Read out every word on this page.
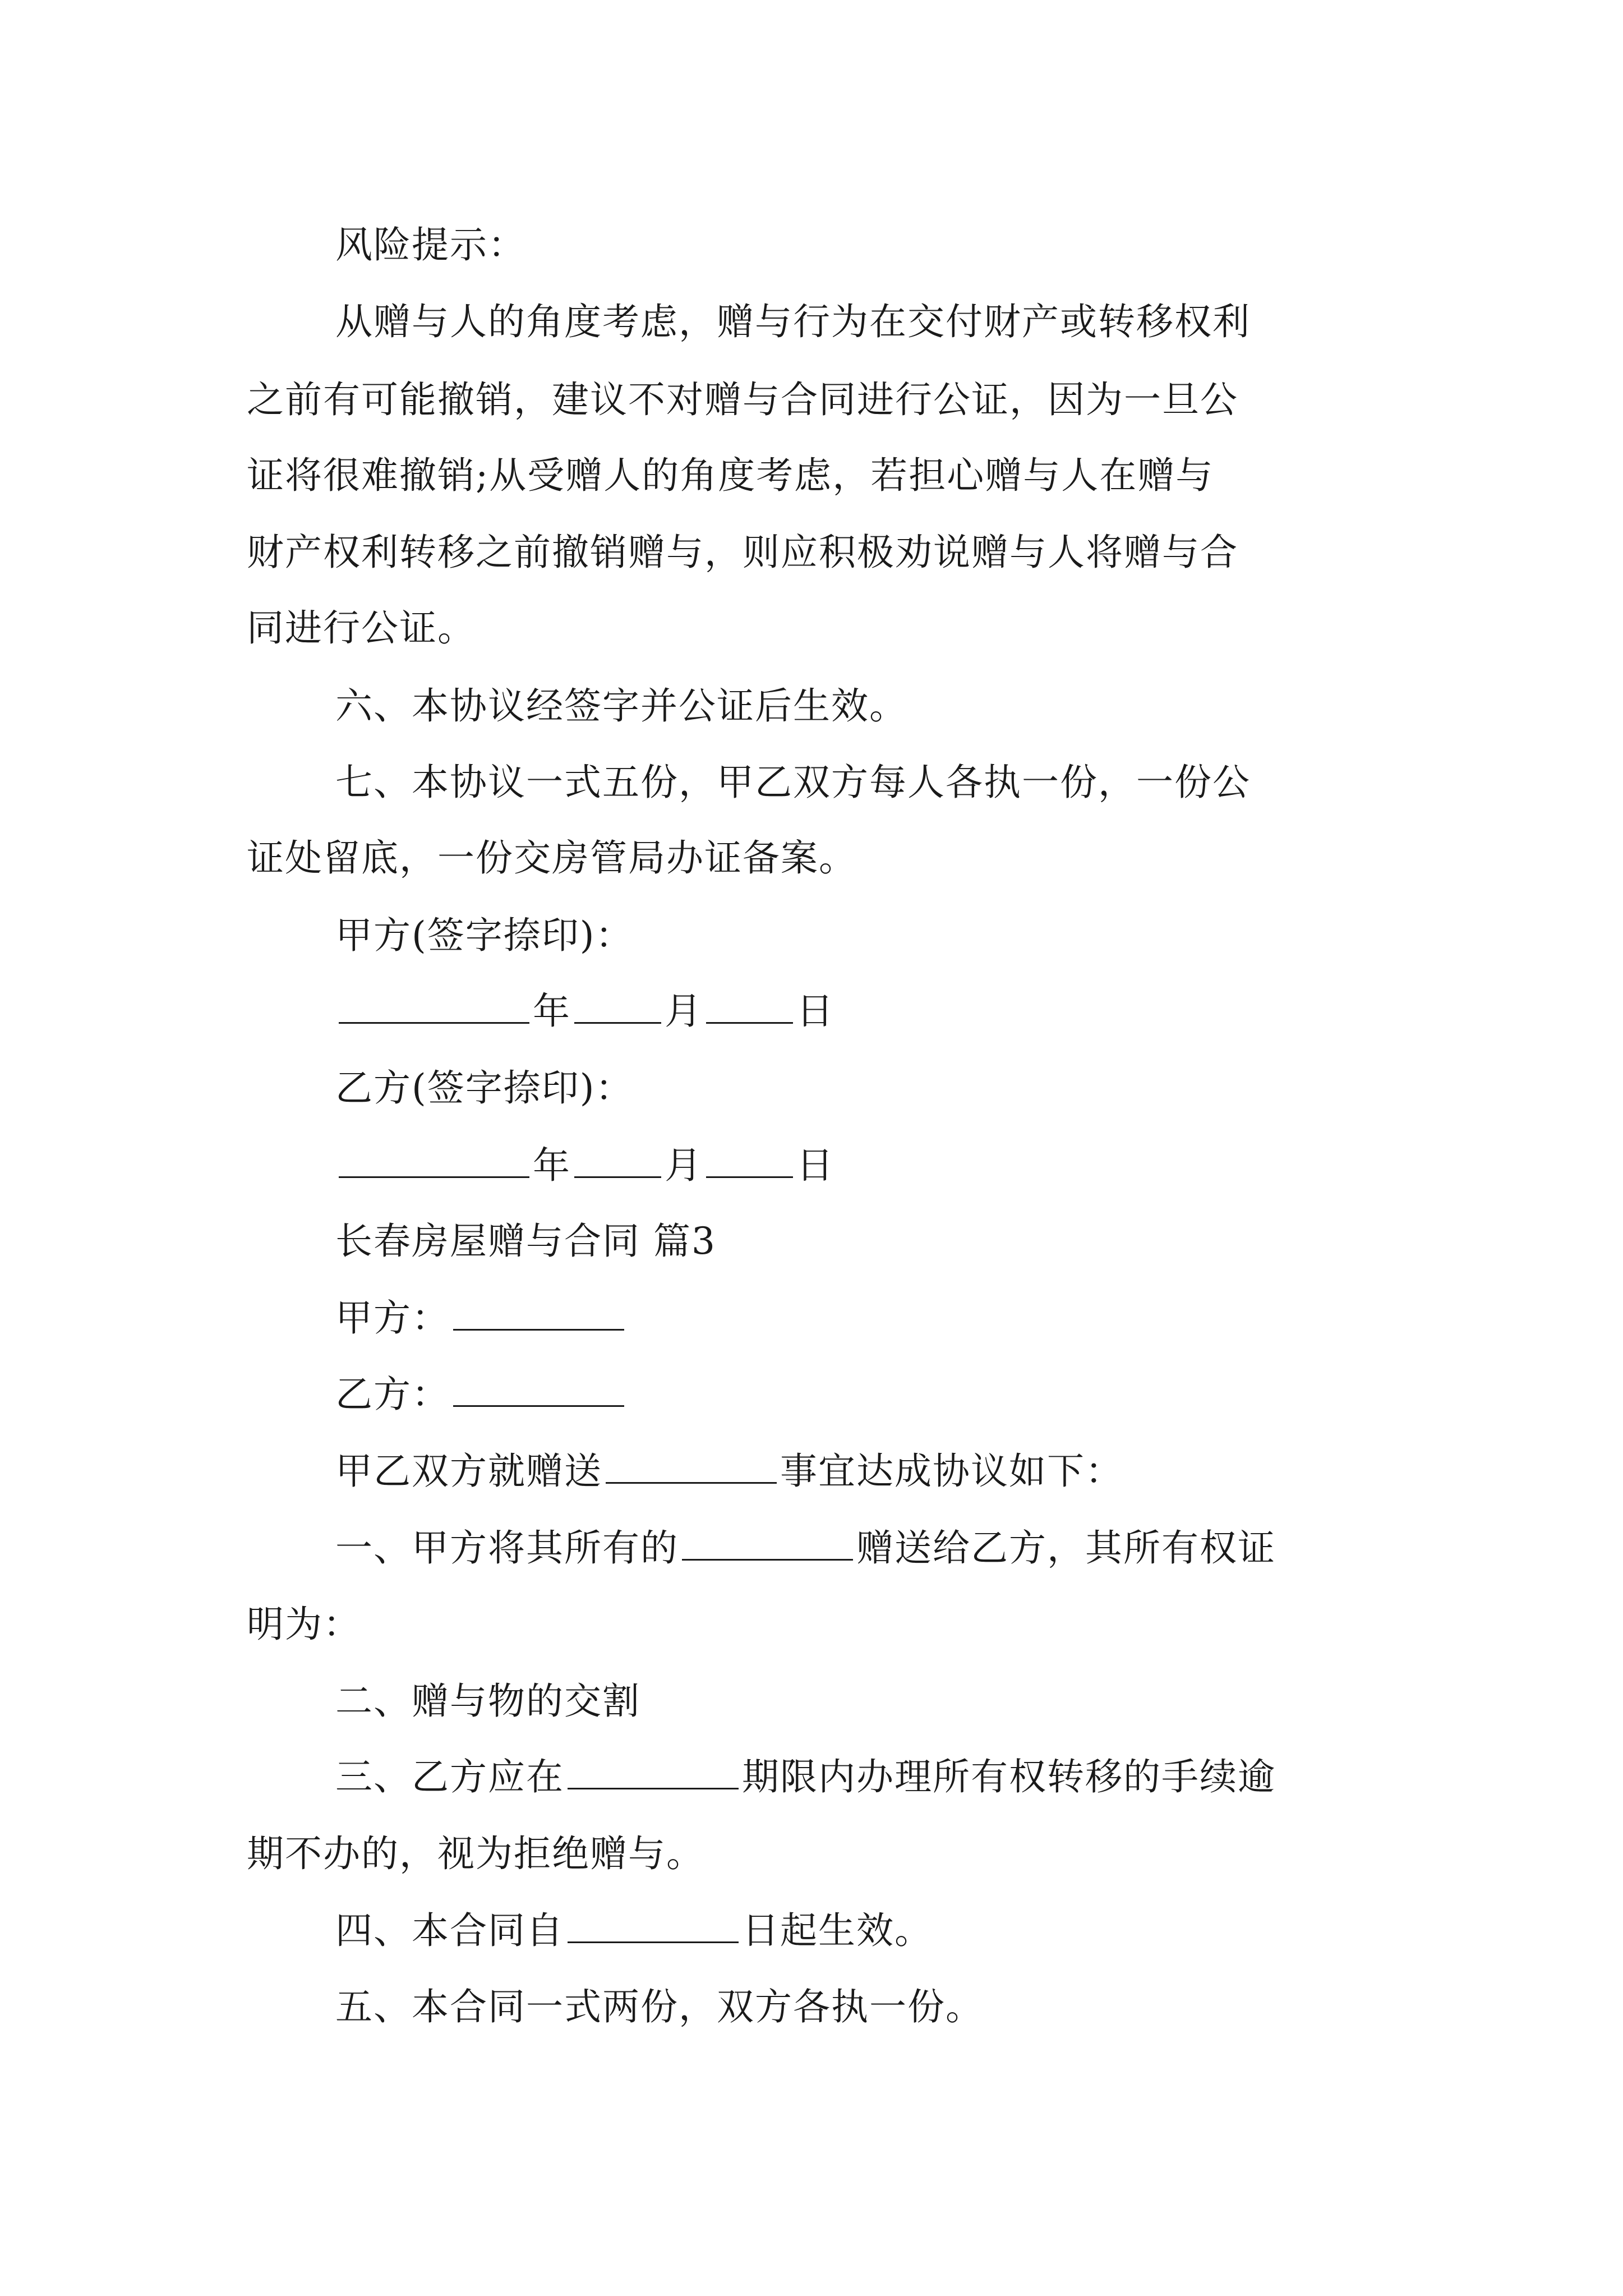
风险提示：
从赠与人的角度考虑，赠与行为在交付财产或转移权利
之前有可能撤销，建议不对赠与合同进行公证，因为一旦公
证将很难撤销;从受赠人的角度考虑，若担心赠与人在赠与
财产权利转移之前撤销赠与，则应积极劝说赠与人将赠与合
同进行公证。
六、本协议经签字并公证后生效。
七、本协议一式五份，甲乙双方每人各执一份，一份公
证处留底，一份交房管局办证备案。
甲方(签字捺印)：
年	月	日
乙方(签字捺印)：
年	月	日
长春房屋赠与合同 篇3
甲方：
乙方：
甲乙双方就赠送	事宜达成协议如下：
一、甲方将其所有的	赠送给乙方，其所有权证
明为：
二、赠与物的交割
三、乙方应在	期限内办理所有权转移的手续逾
期不办的，视为拒绝赠与。
四、本合同自	日起生效。
五、本合同一式两份，双方各执一份。
